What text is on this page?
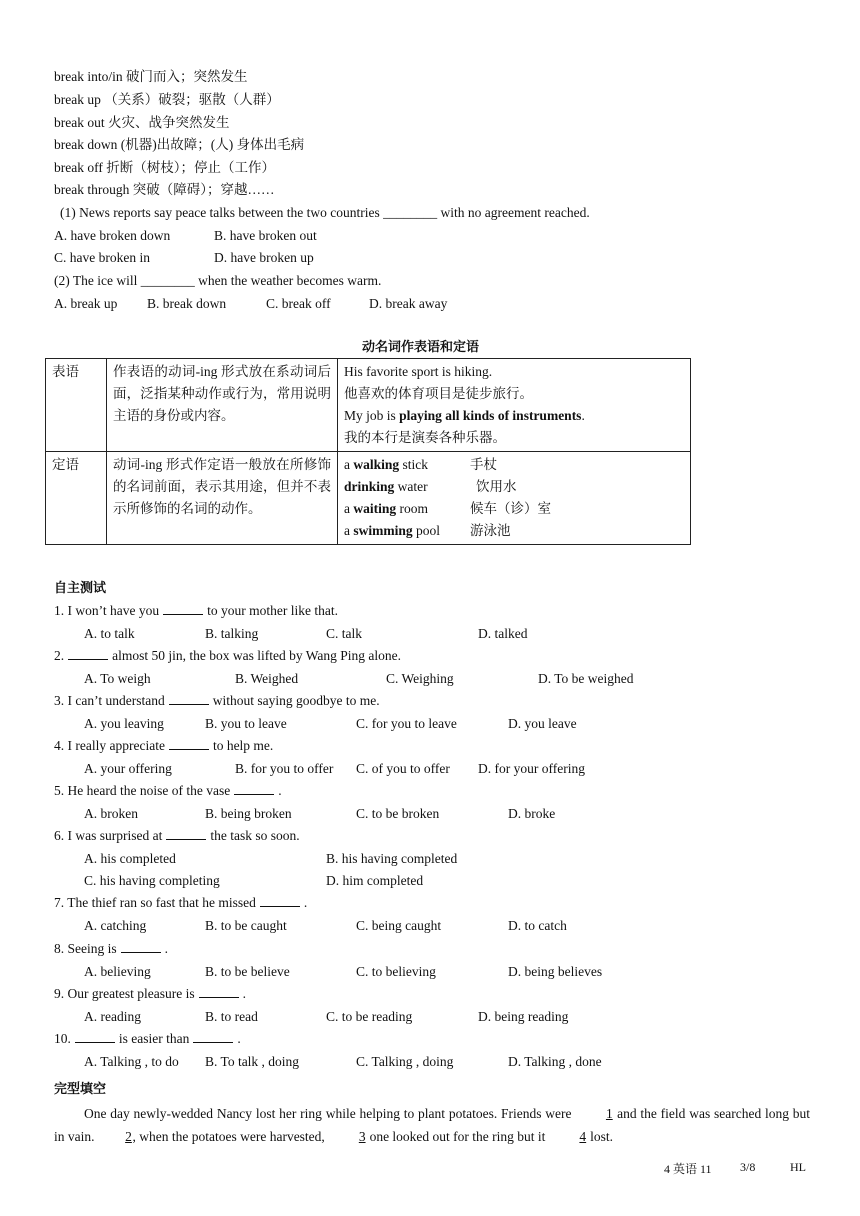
break into/in 破门而入；突然发生
break up （关系）破裂；驱散（人群）
break out 火灾、战争突然发生
break down (机器)出故障；(人) 身体出毛病
break off 折断（树枝）；停止（工作）
break through 突破（障碍）；穿越……
(1) News reports say peace talks between the two countries ________ with no agreement reached.
A. have broken down	B. have broken out
C. have broken in	D. have broken up
(2) The ice will ________ when the weather becomes warm.
A. break up B. break down	C. break off	D. break away
动名词作表语和定语
表语	作表语的动词-ing 形式放在系动词后面，泛指某种动作或行为，常用说明主语的身份或内容。	His favorite sport is hiking.
他喜欢的体育项目是徒步旅行。
My job is playing all kinds of instruments.
我的本行是演奏各种乐器。

定语	动词-ing 形式作定语一般放在所修饰的名词前面，表示其用途，但并不表示所修饰的名词的动作。	a walking stick 手杖
drinking water 饮用水
a waiting room 候车（诊）室
a swimming pool 游泳池
自主测试
1. I won’t have you	to your mother like that.
A. to talk	B. talking	C. talk	D. talked
2.	almost 50 jin, the box was lifted by Wang Ping alone.
A. To weigh	B. Weighed	C. Weighing	D. To be weighed
3. I can’t understand	without saying goodbye to me.
A. you leaving	B. you to leave	C. for you to leave	D. you leave
4. I really appreciate	to help me.
A. your offering	B. for you to offer C. of you to offer D. for your offering
5. He heard the noise of the vase	.
A. broken	B. being broken	C. to be broken	D. broke
6. I was surprised at	the task so soon.
A. his completed	B. his having completed
C. his having completing	D. him completed
7. The thief ran so fast that he missed	.
A. catching	B. to be caught	C. being caught	D. to catch
8. Seeing is	.
A. believing	B. to be believe	C. to believing	D. being believes
9. Our greatest pleasure is	.
A. reading	B. to read	C. to be reading	D. being reading
10.	is easier than	.
A. Talking , to do B. To talk , doing	C. Talking , doing	D. Talking , done
完型填空
One day newly-wedded Nancy lost her ring while helping to plant potatoes. Friends were	1 and the field was searched long but in vain. 2, when the potatoes were harvested,	3 one looked out for the ring but it	4 lost.
4 英语 11 3/8	HL
